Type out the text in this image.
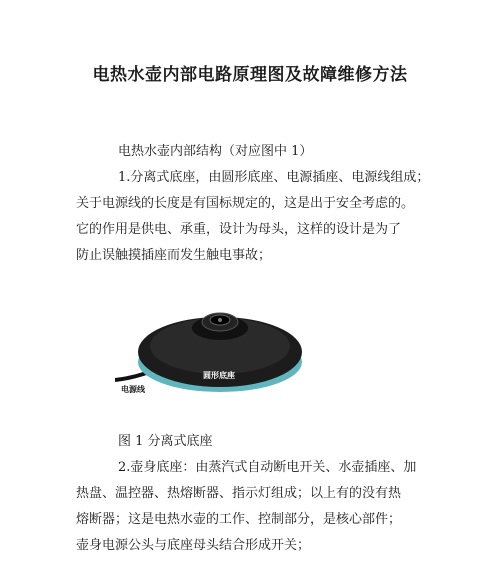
电热水壶内部电路原理图及故障维修方法
电热水壶内部结构（对应图中 1）
1.分离式底座，由圆形底座、电源插座、电源线组成；
关于电源线的长度是有国标规定的，这是出于安全考虑的。
它的作用是供电、承重，设计为母头，这样的设计是为了
防止误触摸插座而发生触电事故；
供电插座
圆形底座
电源线
图 1 分离式底座
2.壶身底座：由蒸汽式自动断电开关、水壶插座、加
热盘、温控器、热熔断器、指示灯组成；以上有的没有热
熔断器；这是电热水壶的工作、控制部分，是核心部件；
壶身电源公头与底座母头结合形成开关；
